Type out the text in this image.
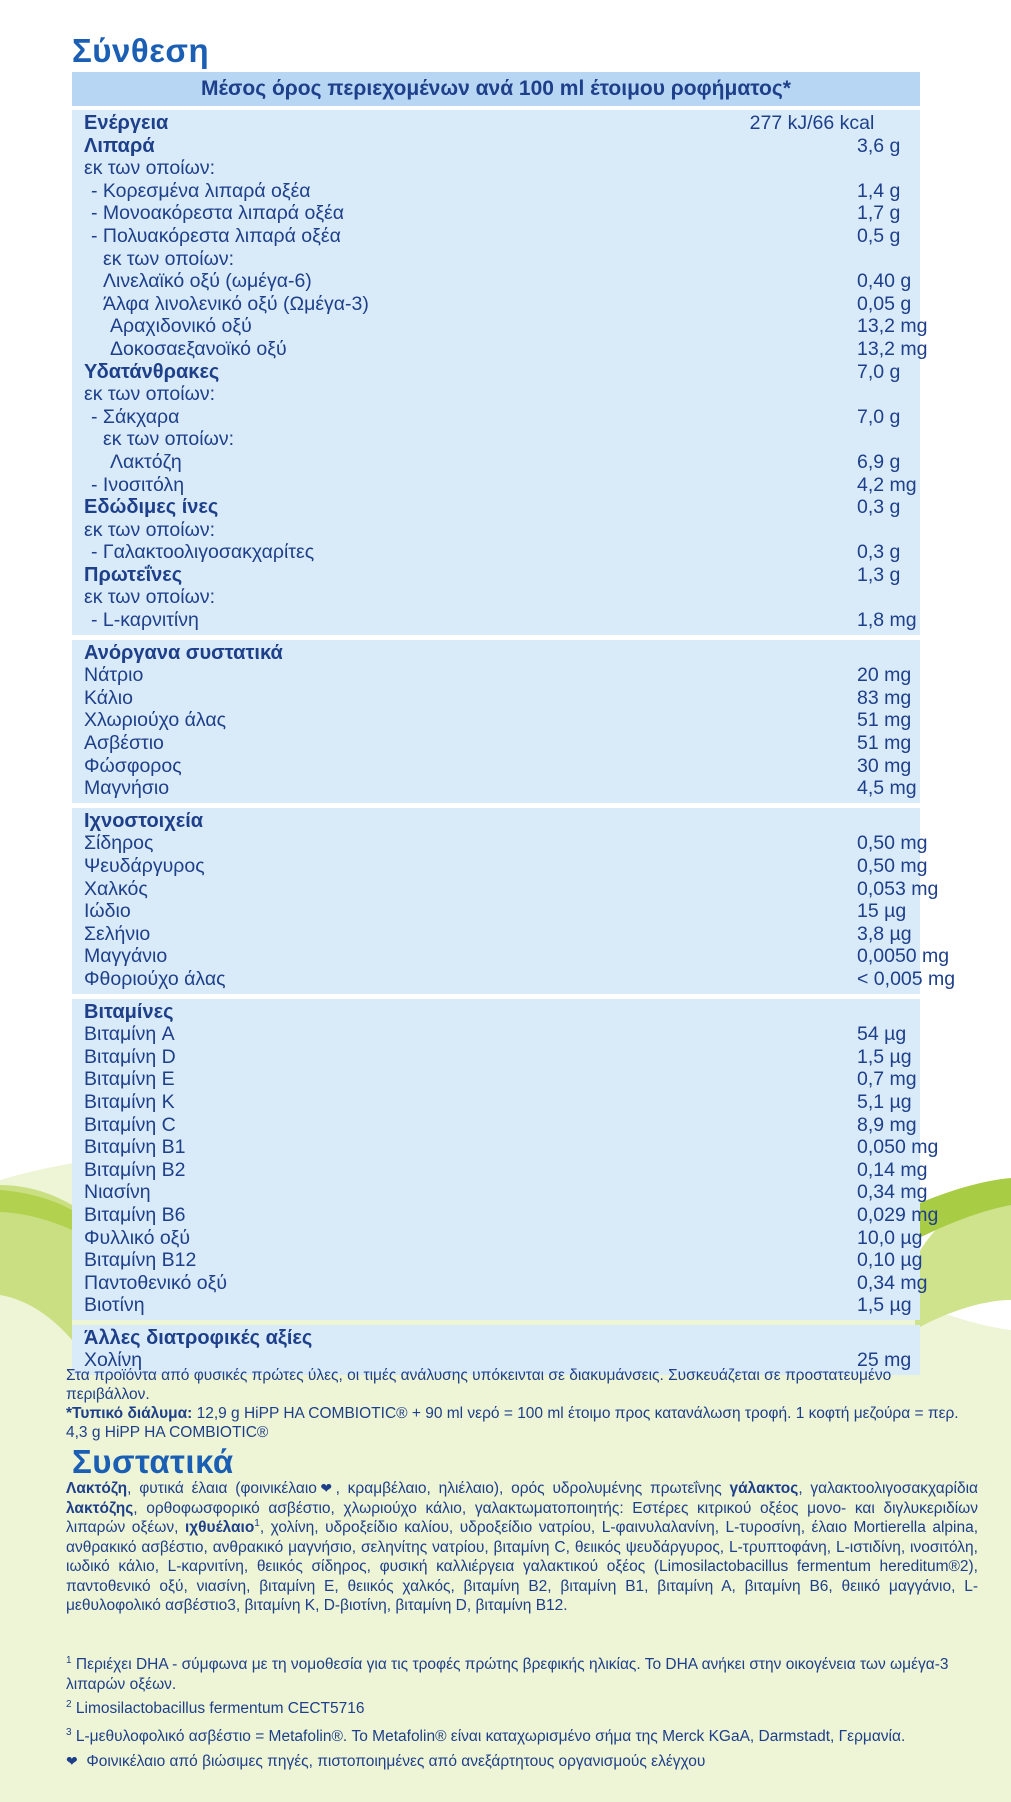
Σύνθεση
Μέσος όρος περιεχομένων ανά 100 ml έτοιμου ροφήματος*
Ενέργεια	277 kJ/66 kcal
Λιπαρά	3,6 g
εκ των οποίων:
- Κορεσμένα λιπαρά οξέα	1,4 g
- Μονοακόρεστα λιπαρά οξέα	1,7 g
- Πολυακόρεστα λιπαρά οξέα	0,5 g
εκ των οποίων:
Λινελαϊκό οξύ (ωμέγα-6)	0,40 g
Άλφα λινολενικό οξύ (Ωμέγα-3)	0,05 g
Αραχιδονικό οξύ	13,2 mg
Δοκοσαεξανοϊκό οξύ	13,2 mg
Υδατάνθρακες	7,0 g
εκ των οποίων:
- Σάκχαρα	7,0 g
εκ των οποίων:
Λακτόζη	6,9 g
- Ινοσιτόλη	4,2 mg
Εδώδιμες ίνες	0,3 g
εκ των οποίων:
- Γαλακτοολιγοσακχαρίτες	0,3 g
Πρωτεΐνες	1,3 g
εκ των οποίων:
- L-καρνιτίνη	1,8 mg
Ανόργανα συστατικά
Νάτριο	20 mg
Κάλιο	83 mg
Χλωριούχο άλας	51 mg
Ασβέστιο	51 mg
Φώσφορος	30 mg
Μαγνήσιο	4,5 mg
Ιχνοστοιχεία
Σίδηρος	0,50 mg
Ψευδάργυρος	0,50 mg
Χαλκός	0,053 mg
Ιώδιο	15 µg
Σελήνιο	3,8 µg
Μαγγάνιο	0,0050 mg
Φθοριούχο άλας	< 0,005 mg
Βιταμίνες
Βιταμίνη A	54 µg
Βιταμίνη D	1,5 µg
Βιταμίνη E	0,7 mg
Βιταμίνη K	5,1 µg
Βιταμίνη C	8,9 mg
Βιταμίνη B1	0,050 mg
Βιταμίνη B2	0,14 mg
Νιασίνη	0,34 mg
Βιταμίνη B6	0,029 mg
Φυλλικό οξύ	10,0 µg
Βιταμίνη B12	0,10 µg
Παντοθενικό οξύ	0,34 mg
Βιοτίνη	1,5 µg
Άλλες διατροφικές αξίες
Χολίνη	25 mg
Στα προϊόντα από φυσικές πρώτες ύλες, οι τιμές ανάλυσης υπόκεινται σε διακυμάνσεις. Συσκευάζεται σε προστατευμένο περιβάλλον.
*Τυπικό διάλυμα: 12,9 g HiPP HA COMBIOTIC® + 90 ml νερό = 100 ml έτοιμο προς κατανάλωση τροφή. 1 κοφτή μεζούρα = περ. 4,3 g HiPP HA COMBIOTIC®
Συστατικά
Λακτόζη, φυτικά έλαια (φοινικέλαιο❤, κραμβέλαιο, ηλιέλαιο), ορός υδρολυμένης πρωτεΐνης γάλακτος, γαλακτοολιγοσακχαρίδια λακτόζης, ορθοφωσφορικό ασβέστιο, χλωριούχο κάλιο, γαλακτωματοποιητής: Εστέρες κιτρικού οξέος μονο- και διγλυκεριδίων λιπαρών οξέων, ιχθυέλαιο$^1$, χολίνη, υδροξείδιο καλίου, υδροξείδιο νατρίου, L-φαινυλαλανίνη, L-τυροσίνη, έλαιο Mortierella alpina, ανθρακικό ασβέστιο, ανθρακικό μαγνήσιο, σεληνίτης νατρίου, βιταμίνη C, θειικός ψευδάργυρος, L-τρυπτοφάνη, L-ιστιδίνη, ινοσιτόλη, ιωδικό κάλιο, L-καρνιτίνη, θειικός σίδηρος, φυσική καλλιέργεια γαλακτικού οξέος (Limosilactobacillus fermentum hereditum®2), παντοθενικό οξύ, νιασίνη, βιταμίνη Ε, θειικός χαλκός, βιταμίνη Β2, βιταμίνη Β1, βιταμίνη Α, βιταμίνη Β6, θειικό μαγγάνιο, L-μεθυλοφολικό ασβέστιο3, βιταμίνη Κ, D-βιοτίνη, βιταμίνη D, βιταμίνη Β12.
$^1$ Περιέχει DHA - σύμφωνα με τη νομοθεσία για τις τροφές πρώτης βρεφικής ηλικίας. Το DHA ανήκει στην οικογένεια των ωμέγα-3 λιπαρών οξέων.
$^2$ Limosilactobacillus fermentum CECT5716
$^3$ L-μεθυλοφολικό ασβέστιο = Metafolin®. Το Metafolin® είναι καταχωρισμένο σήμα της Merck KGaA, Darmstadt, Γερμανία.
❤ Φοινικέλαιο από βιώσιμες πηγές, πιστοποιημένες από ανεξάρτητους οργανισμούς ελέγχου
